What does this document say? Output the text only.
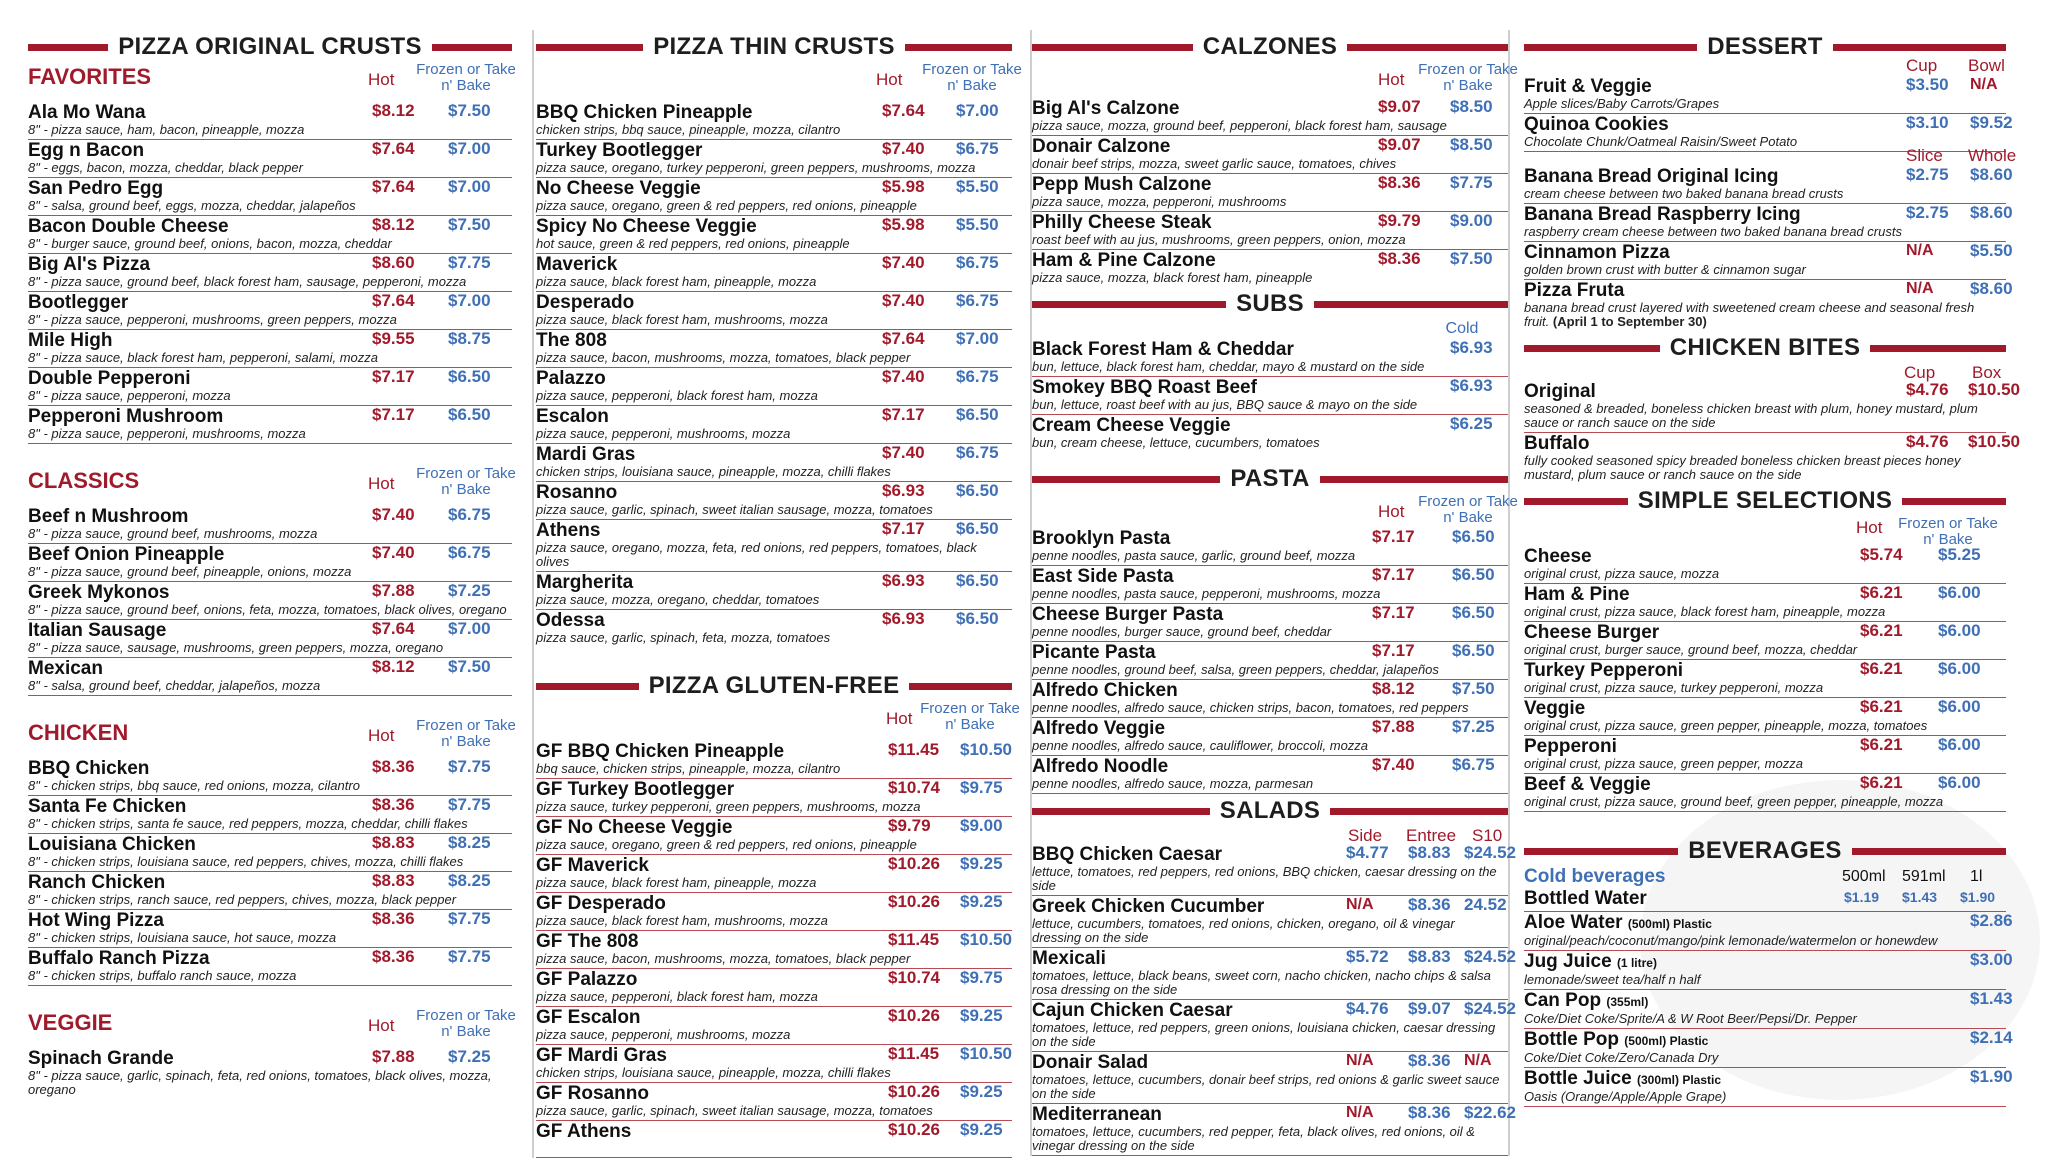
PIZZA ORIGINAL CRUSTS
FAVORITES	Hot
Frozen or Take n' Bake
Ala Mo Wana
8" - pizza sauce, ham, bacon, pineapple, mozza
$8.12 $7.50
Egg n Bacon
8" - eggs, bacon, mozza, cheddar, black pepper
$7.64 $7.00
San Pedro Egg
8" - salsa, ground beef, eggs, mozza, cheddar, jalapeños
$7.64 $7.00
Bacon Double Cheese
8" - burger sauce, ground beef, onions, bacon, mozza, cheddar
$8.12 $7.50
Big Al's Pizza
8" - pizza sauce, ground beef, black forest ham, sausage, pepperoni, mozza
$8.60 $7.75
Bootlegger
8" - pizza sauce, pepperoni, mushrooms, green peppers, mozza
$7.64 $7.00
Mile High
8" - pizza sauce, black forest ham, pepperoni, salami, mozza
$9.55 $8.75
Double Pepperoni
8" - pizza sauce, pepperoni, mozza
$7.17 $6.50
Pepperoni Mushroom
8" - pizza sauce, pepperoni, mushrooms, mozza
$7.17 $6.50
CLASSICS	Hot
Frozen or Take n' Bake
Beef n Mushroom
8" - pizza sauce, ground beef, mushrooms, mozza
$7.40 $6.75
Beef Onion Pineapple
8" - pizza sauce, ground beef, pineapple, onions, mozza
$7.40 $6.75
Greek Mykonos
8" - pizza sauce, ground beef, onions, feta, mozza, tomatoes, black olives, oregano
$7.88 $7.25
Italian Sausage
8" - pizza sauce, sausage, mushrooms, green peppers, mozza, oregano
$7.64 $7.00
Mexican
8" - salsa, ground beef, cheddar, jalapeños, mozza
$8.12 $7.50
CHICKEN	Hot
Frozen or Take n' Bake
BBQ Chicken
8" - chicken strips, bbq sauce, red onions, mozza, cilantro
$8.36 $7.75
Santa Fe Chicken
8" - chicken strips, santa fe sauce, red peppers, mozza, cheddar, chilli flakes
$8.36 $7.75
Louisiana Chicken
8" - chicken strips, louisiana sauce, red peppers, chives, mozza, chilli flakes
$8.83 $8.25
Ranch Chicken
8" - chicken strips, ranch sauce, red peppers, chives, mozza, black pepper
$8.83 $8.25
Hot Wing Pizza
8" - chicken strips, louisiana sauce, hot sauce, mozza
$8.36 $7.75
Buffalo Ranch Pizza
8" - chicken strips, buffalo ranch sauce, mozza
$8.36 $7.75
VEGGIE	Hot
Frozen or Take n' Bake
Spinach Grande
8" - pizza sauce, garlic, spinach, feta, red onions, tomatoes, black olives, mozza, oregano
$7.88 $7.25
PIZZA THIN CRUSTS
Hot
Frozen or Take n' Bake
BBQ Chicken Pineapple
chicken strips, bbq sauce, pineapple, mozza, cilantro
$7.64 $7.00
Turkey Bootlegger
pizza sauce, oregano, turkey pepperoni, green peppers, mushrooms, mozza
$7.40 $6.75
No Cheese Veggie
pizza sauce, oregano, green & red peppers, red onions, pineapple
$5.98 $5.50
Spicy No Cheese Veggie
hot sauce, green & red peppers, red onions, pineapple
$5.98 $5.50
Maverick
pizza sauce, black forest ham, pineapple, mozza
$7.40 $6.75
Desperado
pizza sauce, black forest ham, mushrooms, mozza
$7.40 $6.75
The 808
pizza sauce, bacon, mushrooms, mozza, tomatoes, black pepper
$7.64 $7.00
Palazzo
pizza sauce, pepperoni, black forest ham, mozza
$7.40 $6.75
Escalon
pizza sauce, pepperoni, mushrooms, mozza
$7.17 $6.50
Mardi Gras
chicken strips, louisiana sauce, pineapple, mozza, chilli flakes
$7.40 $6.75
Rosanno
pizza sauce, garlic, spinach, sweet italian sausage, mozza, tomatoes
$6.93 $6.50
Athens
pizza sauce, oregano, mozza, feta, red onions, red peppers, tomatoes, black olives
$7.17 $6.50
Margherita
pizza sauce, mozza, oregano, cheddar, tomatoes
$6.93 $6.50
Odessa
pizza sauce, garlic, spinach, feta, mozza, tomatoes
$6.93 $6.50
PIZZA GLUTEN-FREE
Hot
Frozen or Take n' Bake
GF BBQ Chicken Pineapple
bbq sauce, chicken strips, pineapple, mozza, cilantro
$11.45 $10.50
GF Turkey Bootlegger
pizza sauce, turkey pepperoni, green peppers, mushrooms, mozza
$10.74 $9.75
GF No Cheese Veggie
pizza sauce, oregano, green & red peppers, red onions, pineapple
$9.79 $9.00
GF Maverick
pizza sauce, black forest ham, pineapple, mozza
$10.26 $9.25
GF Desperado
pizza sauce, black forest ham, mushrooms, mozza
$10.26 $9.25
GF The 808
pizza sauce, bacon, mushrooms, mozza, tomatoes, black pepper
$11.45 $10.50
GF Palazzo
pizza sauce, pepperoni, black forest ham, mozza
$10.74 $9.75
GF Escalon
pizza sauce, pepperoni, mushrooms, mozza
$10.26 $9.25
GF Mardi Gras
chicken strips, louisiana sauce, pineapple, mozza, chilli flakes
$11.45 $10.50
GF Rosanno
pizza sauce, garlic, spinach, sweet italian sausage, mozza, tomatoes
$10.26 $9.25
GF Athens	$10.26 $9.25
CALZONES
Hot
Frozen or Take n' Bake
Big Al's Calzone
pizza sauce, mozza, ground beef, pepperoni, black forest ham, sausage
$9.07 $8.50
Donair Calzone
donair beef strips, mozza, sweet garlic sauce, tomatoes, chives
$9.07 $8.50
Pepp Mush Calzone
pizza sauce, mozza, pepperoni, mushrooms
$8.36 $7.75
Philly Cheese Steak
roast beef with au jus, mushrooms, green peppers, onion, mozza
$9.79 $9.00
Ham & Pine Calzone
pizza sauce, mozza, black forest ham, pineapple
$8.36 $7.50
SUBS
Cold
Black Forest Ham & Cheddar
bun, lettuce, black forest ham, cheddar, mayo & mustard on the side
$6.93
Smokey BBQ Roast Beef
bun, lettuce, roast beef with au jus, BBQ sauce & mayo on the side
$6.93
Cream Cheese Veggie
bun, cream cheese, lettuce, cucumbers, tomatoes
$6.25
PASTA
Hot
Frozen or Take n' Bake
Brooklyn Pasta
penne noodles, pasta sauce, garlic, ground beef, mozza
$7.17 $6.50
East Side Pasta
penne noodles, pasta sauce, pepperoni, mushrooms, mozza
$7.17 $6.50
Cheese Burger Pasta
penne noodles, burger sauce, ground beef, cheddar
$7.17 $6.50
Picante Pasta
penne noodles, ground beef, salsa, green peppers, cheddar, jalapeños
$7.17 $6.50
Alfredo Chicken
penne noodles, alfredo sauce, chicken strips, bacon, tomatoes, red peppers
$8.12 $7.50
Alfredo Veggie
penne noodles, alfredo sauce, cauliflower, broccoli, mozza
$7.88 $7.25
Alfredo Noodle
penne noodles, alfredo sauce, mozza, parmesan
$7.40 $6.75
SALADS
Side Entree S10
BBQ Chicken Caesar
lettuce, tomatoes, red peppers, red onions, BBQ chicken, caesar dressing on the side
$4.77 $8.83 $24.52
Greek Chicken Cucumber
lettuce, cucumbers, tomatoes, red onions, chicken, oregano, oil & vinegar dressing on the side
N/A $8.36 24.52
Mexicali
tomatoes, lettuce, black beans, sweet corn, nacho chicken, nacho chips & salsa rosa dressing on the side
$5.72 $8.83 $24.52
Cajun Chicken Caesar
tomatoes, lettuce, red peppers, green onions, louisiana chicken, caesar dressing on the side
$4.76 $9.07 $24.52
Donair Salad
tomatoes, lettuce, cucumbers, donair beef strips, red onions & garlic sweet sauce on the side
N/A $8.36 N/A
Mediterranean
tomatoes, lettuce, cucumbers, red pepper, feta, black olives, red onions, oil & vinegar dressing on the side
N/A $8.36 $22.62
DESSERT
Cup Bowl
Fruit & Veggie
Apple slices/Baby Carrots/Grapes
$3.50 N/A
Quinoa Cookies
Chocolate Chunk/Oatmeal Raisin/Sweet Potato
$3.10 $9.52
Slice Whole
Banana Bread Original Icing
cream cheese between two baked banana bread crusts
$2.75 $8.60
Banana Bread Raspberry Icing
raspberry cream cheese between two baked banana bread crusts
$2.75 $8.60
Cinnamon Pizza
golden brown crust with butter & cinnamon sugar
N/A $5.50
Pizza Fruta
banana bread crust layered with sweetened cream cheese and seasonal fresh fruit. (April 1 to September 30)
N/A $8.60
CHICKEN BITES
Cup Box
Original
seasoned & breaded, boneless chicken breast with plum, honey mustard, plum sauce or ranch sauce on the side
$4.76 $10.50
Buffalo
fully cooked seasoned spicy breaded boneless chicken breast pieces honey mustard, plum sauce or ranch sauce on the side
$4.76 $10.50
SIMPLE SELECTIONS
Hot Frozen or Take n' Bake
Cheese
original crust, pizza sauce, mozza
$5.74 $5.25
Ham & Pine
original crust, pizza sauce, black forest ham, pineapple, mozza
$6.21 $6.00
Cheese Burger
original crust, burger sauce, ground beef, mozza, cheddar
$6.21 $6.00
Turkey Pepperoni
original crust, pizza sauce, turkey pepperoni, mozza
$6.21 $6.00
Veggie
original crust, pizza sauce, green pepper, pineapple, mozza, tomatoes
$6.21 $6.00
Pepperoni
original crust, pizza sauce, green pepper, mozza
$6.21 $6.00
Beef & Veggie
original crust, pizza sauce, ground beef, green pepper, pineapple, mozza
$6.21 $6.00
BEVERAGES
Cold beverages	500ml 591ml 1l
Bottled Water	$1.19 $1.43 $1.90
Aloe Water (500ml) Plastic
original/peach/coconut/mango/pink lemonade/watermelon or honewdew
$2.86
Jug Juice (1 litre)
lemonade/sweet tea/half n half
$3.00
Can Pop (355ml)
Coke/Diet Coke/Sprite/A & W Root Beer/Pepsi/Dr. Pepper
$1.43
Bottle Pop (500ml) Plastic
Coke/Diet Coke/Zero/Canada Dry
$2.14
Bottle Juice (300ml) Plastic
Oasis (Orange/Apple/Apple Grape)
$1.90
